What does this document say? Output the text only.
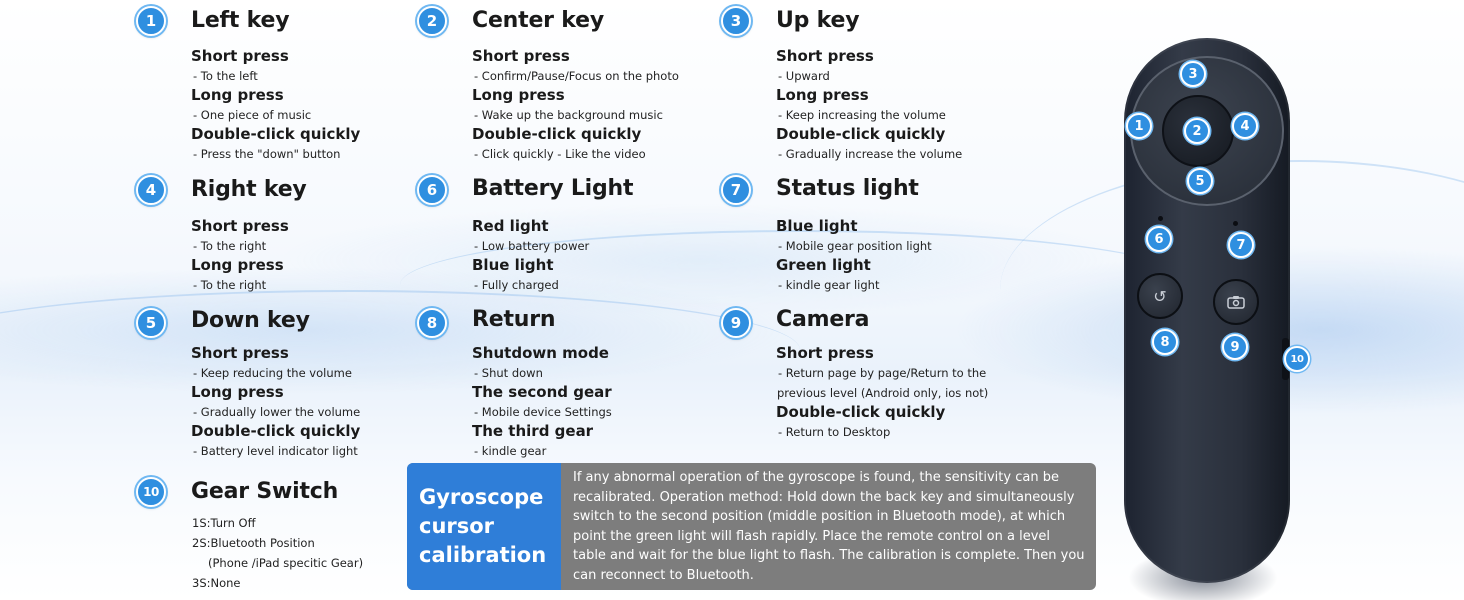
1	Left key
Short press
- To the left
Long press
- One piece of music
Double-click quickly
- Press the "down" button
2	Center key
Short press
- Confirm/Pause/Focus on the photo
Long press
- Wake up the background music
Double-click quickly
- Click quickly - Like the video
3	Up key
Short press
- Upward
Long press
- Keep increasing the volume
Double-click quickly
- Gradually increase the volume
4	Right key
Short press
- To the right
Long press
- To the right
6	Battery Light
Red light
- Low battery power
Blue light
- Fully charged
7	Status light
Blue light
- Mobile gear position light
Green light
- kindle gear light
5	Down key
Short press
- Keep reducing the volume
Long press
- Gradually lower the volume
Double-click quickly
- Battery level indicator light
8	Return
Shutdown mode
- Shut down
The second gear
- Mobile device Settings
The third gear
- kindle gear
9	Camera
Short press
- Return page by page/Return to the
previous level (Android only, ios not)
Double-click quickly
- Return to Desktop
10	Gear Switch
1S:Turn Off
2S:Bluetooth Position
(Phone /iPad specitic Gear)
3S:None
Gyroscope
cursor
calibration
If any abnormal operation of the gyroscope is found, the sensitivity can be recalibrated. Operation method: Hold down the back key and simultaneously switch to the second position (middle position in Bluetooth mode), at which point the green light will flash rapidly. Place the remote control on a level table and wait for the blue light to flash. The calibration is complete. Then you can reconnect to Bluetooth.
↺
1	2
3
4
5
6	7
8	9
10
